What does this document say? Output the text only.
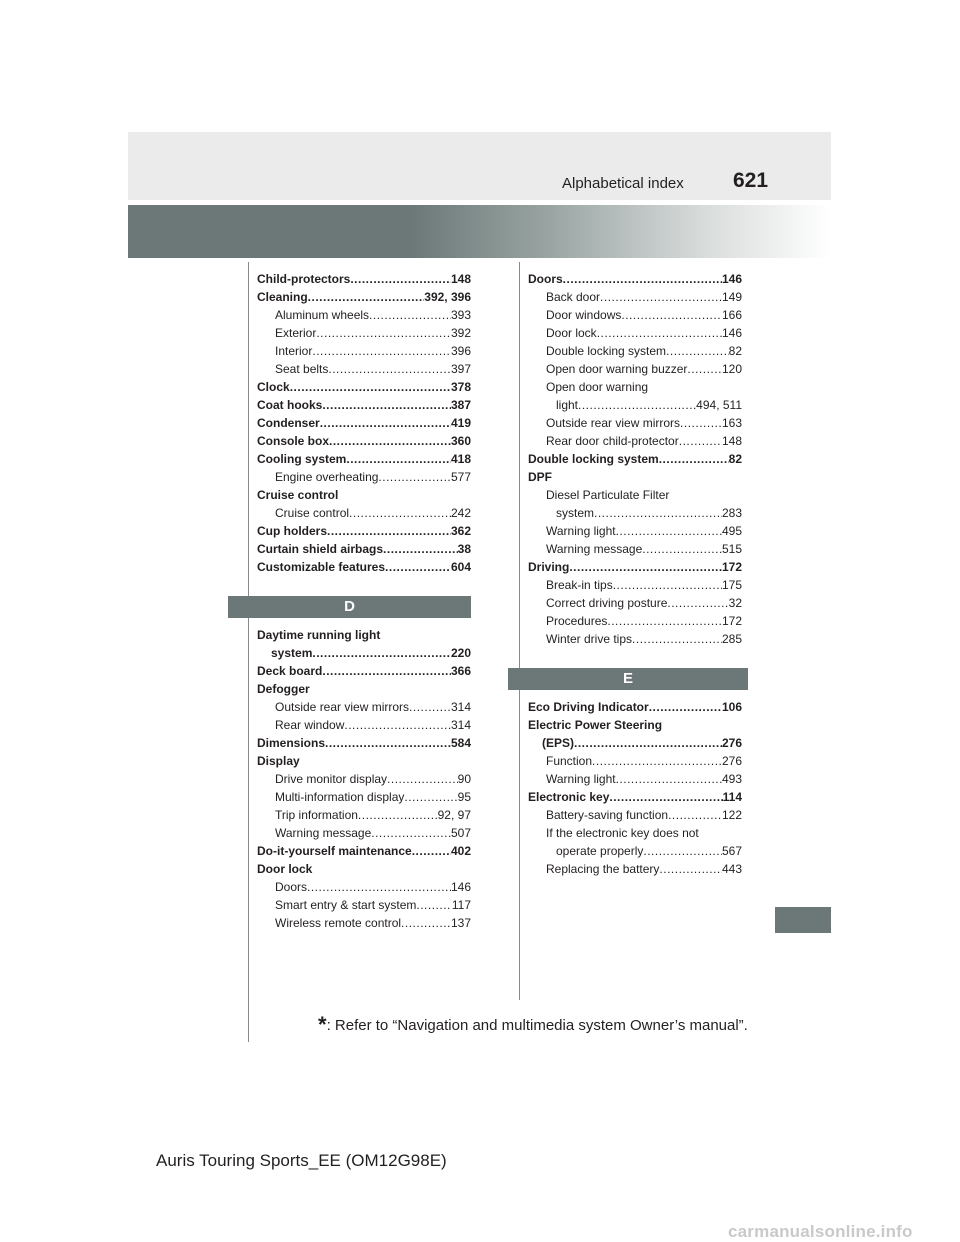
Alphabetical index 621
Child-protectors .....	148
Cleaning .....	392, 396
Aluminum wheels .....	393
Exterior .....	392
Interior .....	396
Seat belts .....	397
Clock .....	378
Coat hooks .....	387
Condenser .....	419
Console box .....	360
Cooling system .....	418
Engine overheating .....	577
Cruise control
Cruise control .....	242
Cup holders .....	362
Curtain shield airbags .....	38
Customizable features .....	604
D
Daytime running light
system .....	220
Deck board .....	366
Defogger
Outside rear view mirrors .....	314
Rear window .....	314
Dimensions .....	584
Display
Drive monitor display .....	90
Multi-information display .....	95
Trip information .....	92, 97
Warning message .....	507
Do-it-yourself maintenance .....	402
Door lock
Doors .....	146
Smart entry & start system .....	117
Wireless remote control .....	137
Doors .....	146
Back door .....	149
Door windows .....	166
Door lock .....	146
Double locking system .....	82
Open door warning buzzer .....	120
Open door warning
light .....	494, 511
Outside rear view mirrors .....	163
Rear door child-protector .....	148
Double locking system .....	82
DPF
Diesel Particulate Filter
system .....	283
Warning light .....	495
Warning message .....	515
Driving .....	172
Break-in tips .....	175
Correct driving posture .....	32
Procedures .....	172
Winter drive tips .....	285
E
Eco Driving Indicator .....	106
Electric Power Steering
(EPS) .....	276
Function .....	276
Warning light .....	493
Electronic key .....	114
Battery-saving function .....	122
If the electronic key does not
operate properly .....	567
Replacing the battery .....	443
*: Refer to “Navigation and multimedia system Owner’s manual”.
Auris Touring Sports_EE (OM12G98E)
carmanualsonline.info
